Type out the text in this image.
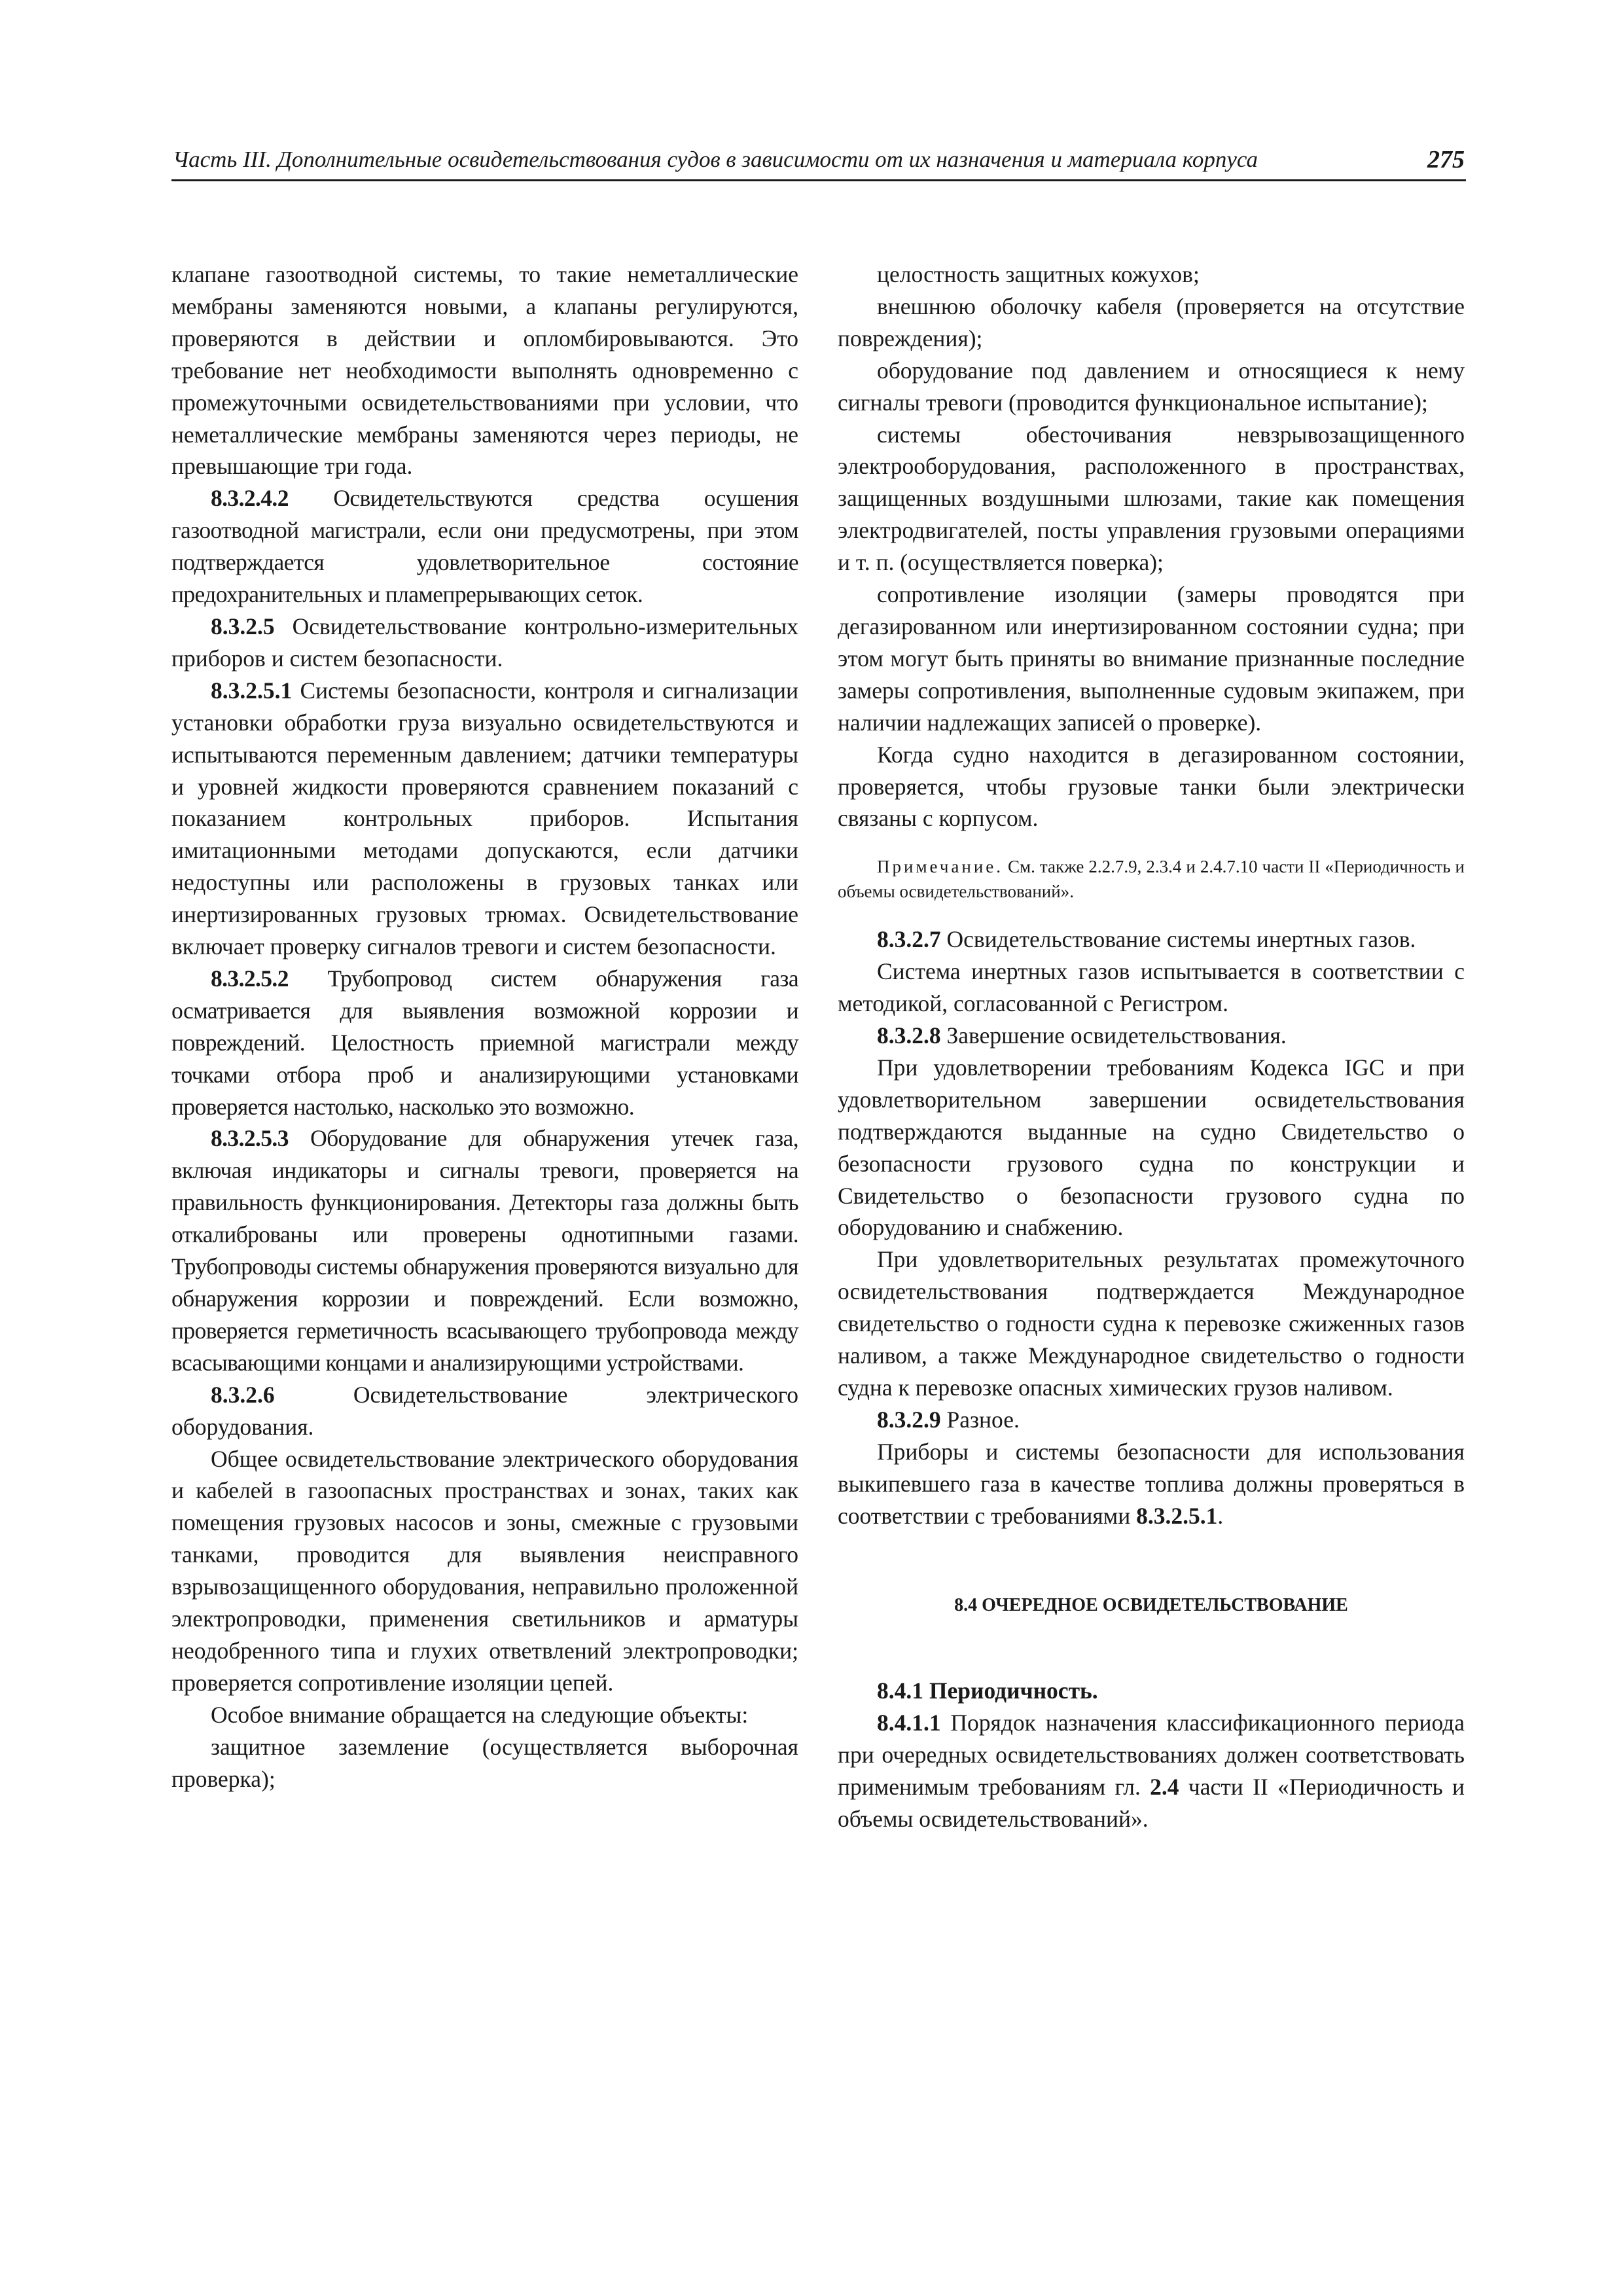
Часть III. Дополнительные освидетельствования судов в зависимости от их назначения и материала корпуса	275

клапане газоотводной системы, то такие неметаллические мембраны заменяются новыми, а клапаны регулируются, проверяются в действии и опломбировываются. Это требование нет необходимости выполнять одновременно с промежуточными освидетельствованиями при условии, что неметаллические мембраны заменяются через периоды, не превышающие три года.

8.3.2.4.2 Освидетельствуются средства осушения газоотводной магистрали, если они предусмотрены, при этом подтверждается удовлетворительное состояние предохранительных и пламепрерывающих сеток.

8.3.2.5 Освидетельствование контрольно-измерительных приборов и систем безопасности.

8.3.2.5.1 Системы безопасности, контроля и сигнализации установки обработки груза визуально освидетельствуются и испытываются переменным давлением; датчики температуры и уровней жидкости проверяются сравнением показаний с показанием контрольных приборов. Испытания имитационными методами допускаются, если датчики недоступны или расположены в грузовых танках или инертизированных грузовых трюмах. Освидетельствование включает проверку сигналов тревоги и систем безопасности.

8.3.2.5.2 Трубопровод систем обнаружения газа осматривается для выявления возможной коррозии и повреждений. Целостность приемной магистрали между точками отбора проб и анализирующими установками проверяется настолько, насколько это возможно.

8.3.2.5.3 Оборудование для обнаружения утечек газа, включая индикаторы и сигналы тревоги, проверяется на правильность функционирования. Детекторы газа должны быть откалиброваны или проверены однотипными газами. Трубопроводы системы обнаружения проверяются визуально для обнаружения коррозии и повреждений. Если возможно, проверяется герметичность всасывающего трубопровода между всасывающими концами и анализирующими устройствами.

8.3.2.6 Освидетельствование электрического оборудования.

Общее освидетельствование электрического оборудования и кабелей в газоопасных пространствах и зонах, таких как помещения грузовых насосов и зоны, смежные с грузовыми танками, проводится для выявления неисправного взрывозащищенного оборудования, неправильно проложенной электропроводки, применения светильников и арматуры неодобренного типа и глухих ответвлений электропроводки; проверяется сопротивление изоляции цепей.

Особое внимание обращается на следующие объекты:

защитное заземление (осуществляется выборочная проверка);

целостность защитных кожухов;

внешнюю оболочку кабеля (проверяется на отсутствие повреждения);

оборудование под давлением и относящиеся к нему сигналы тревоги (проводится функциональное испытание);

системы обесточивания невзрывозащищенного электрооборудования, расположенного в пространствах, защищенных воздушными шлюзами, такие как помещения электродвигателей, посты управления грузовыми операциями и т. п. (осуществляется поверка);

сопротивление изоляции (замеры проводятся при дегазированном или инертизированном состоянии судна; при этом могут быть приняты во внимание признанные последние замеры сопротивления, выполненные судовым экипажем, при наличии надлежащих записей о проверке).

Когда судно находится в дегазированном состоянии, проверяется, чтобы грузовые танки были электрически связаны с корпусом.

Примечание. См. также 2.2.7.9, 2.3.4 и 2.4.7.10 части II «Периодичность и объемы освидетельствований».

8.3.2.7 Освидетельствование системы инертных газов.

Система инертных газов испытывается в соответствии с методикой, согласованной с Регистром.

8.3.2.8 Завершение освидетельствования.

При удовлетворении требованиям Кодекса IGC и при удовлетворительном завершении освидетельствования подтверждаются выданные на судно Свидетельство о безопасности грузового судна по конструкции и Свидетельство о безопасности грузового судна по оборудованию и снабжению.

При удовлетворительных результатах промежуточного освидетельствования подтверждается Международное свидетельство о годности судна к перевозке сжиженных газов наливом, а также Международное свидетельство о годности судна к перевозке опасных химических грузов наливом.

8.3.2.9 Разное.

Приборы и системы безопасности для использования выкипевшего газа в качестве топлива должны проверяться в соответствии с требованиями 8.3.2.5.1.

8.4 ОЧЕРЕДНОЕ ОСВИДЕТЕЛЬСТВОВАНИЕ

8.4.1 Периодичность.

8.4.1.1 Порядок назначения классификационного периода при очередных освидетельствованиях должен соответствовать применимым требованиям гл. 2.4 части II «Периодичность и объемы освидетельствований».
